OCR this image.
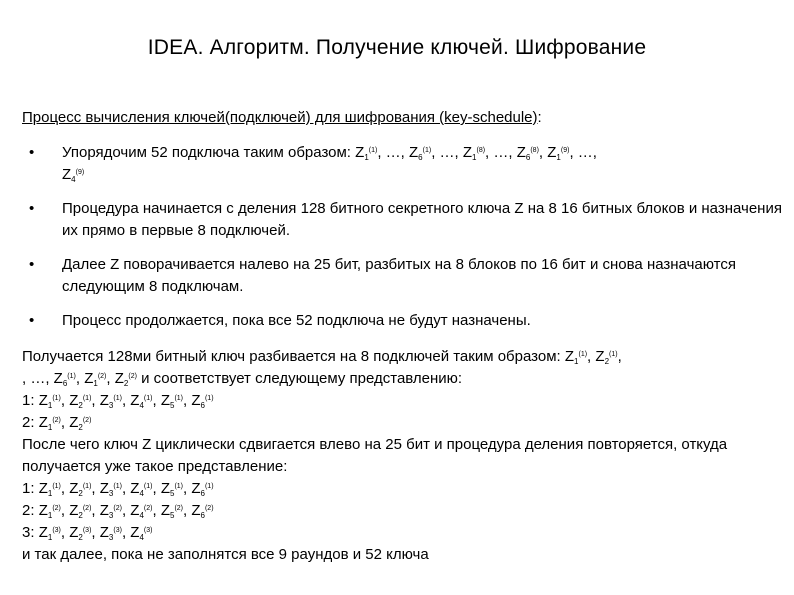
IDEA. Алгоритм. Получение ключей. Шифрование
Процесс вычисления ключей(подключей) для шифрования (key-schedule):
• Упорядочим 52 подключа таким образом: $Z_1^{(1)}$, …, $Z_6^{(1)}$, …, $Z_1^{(8)}$, …, $Z_6^{(8)}$, $Z_1^{(9)}$, …,
$Z_4^{(9)}$
• Процедура начинается с деления 128 битного секретного ключа Z на 8 16 битных блоков и назначения их прямо в первые 8 подключей.
• Далее Z поворачивается налево на 25 бит, разбитых на 8 блоков по 16 бит и снова назначаются следующим 8 подключам.
• Процесс продолжается, пока все 52 подключа не будут назначены.
Получается 128ми битный ключ разбивается на 8 подключей таким образом: $Z_1^{(1)}$, $Z_2^{(1)}$,
, …, $Z_6^{(1)}$, $Z_1^{(2)}$, $Z_2^{(2)}$ и соответствует следующему представлению:
1: $Z_1^{(1)}$, $Z_2^{(1)}$, $Z_3^{(1)}$, $Z_4^{(1)}$, $Z_5^{(1)}$, $Z_6^{(1)}$
2: $Z_1^{(2)}$, $Z_2^{(2)}$
После чего ключ Z циклически сдвигается влево на 25 бит и процедура деления повторяется, откуда получается уже такое представление:
1: $Z_1^{(1)}$, $Z_2^{(1)}$, $Z_3^{(1)}$, $Z_4^{(1)}$, $Z_5^{(1)}$, $Z_6^{(1)}$
2: $Z_1^{(2)}$, $Z_2^{(2)}$, $Z_3^{(2)}$, $Z_4^{(2)}$, $Z_5^{(2)}$, $Z_6^{(2)}$
3: $Z_1^{(3)}$, $Z_2^{(3)}$, $Z_3^{(3)}$, $Z_4^{(3)}$
и так далее, пока не заполнятся все 9 раундов и 52 ключа
